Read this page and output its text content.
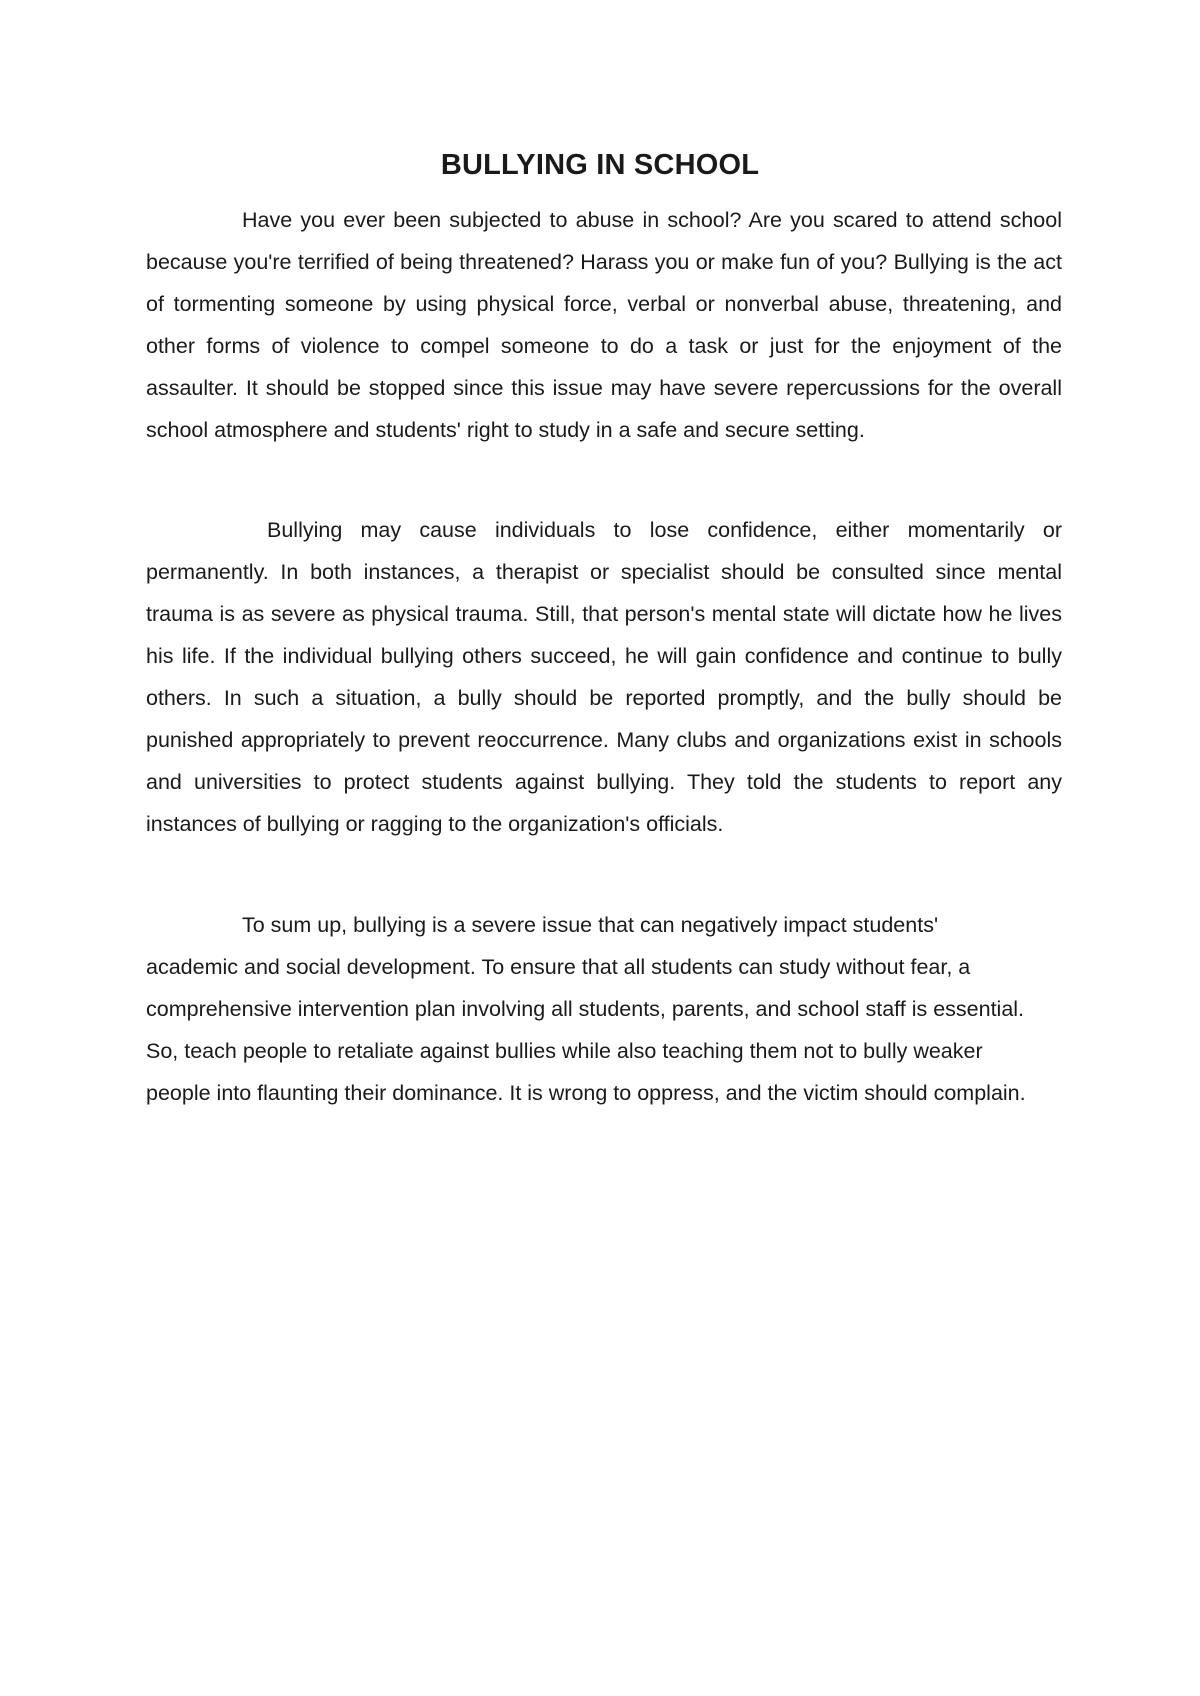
BULLYING IN SCHOOL

Have you ever been subjected to abuse in school? Are you scared to attend school because you're terrified of being threatened? Harass you or make fun of you? Bullying is the act of tormenting someone by using physical force, verbal or nonverbal abuse, threatening, and other forms of violence to compel someone to do a task or just for the enjoyment of the assaulter. It should be stopped since this issue may have severe repercussions for the overall school atmosphere and students' right to study in a safe and secure setting.

Bullying may cause individuals to lose confidence, either momentarily or permanently. In both instances, a therapist or specialist should be consulted since mental trauma is as severe as physical trauma. Still, that person's mental state will dictate how he lives his life. If the individual bullying others succeed, he will gain confidence and continue to bully others. In such a situation, a bully should be reported promptly, and the bully should be punished appropriately to prevent reoccurrence. Many clubs and organizations exist in schools and universities to protect students against bullying. They told the students to report any instances of bullying or ragging to the organization's officials.

To sum up, bullying is a severe issue that can negatively impact students' academic and social development. To ensure that all students can study without fear, a comprehensive intervention plan involving all students, parents, and school staff is essential. So, teach people to retaliate against bullies while also teaching them not to bully weaker people into flaunting their dominance. It is wrong to oppress, and the victim should complain.
